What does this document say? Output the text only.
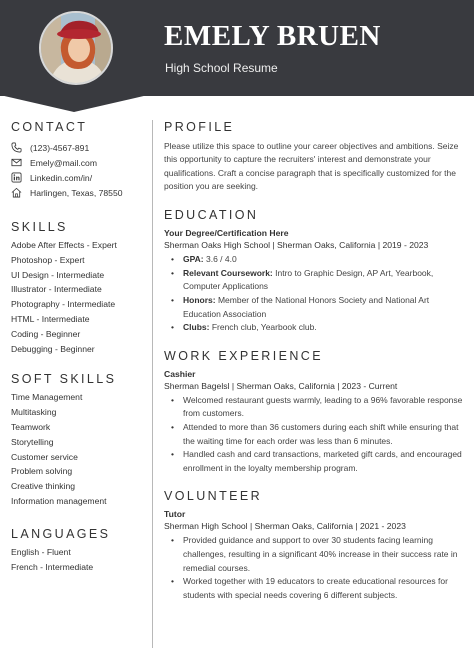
EMELY BRUEN
High School Resume
CONTACT
(123)-4567-891
Emely@mail.com
Linkedin.com/in/
Harlingen, Texas, 78550
SKILLS
Adobe After Effects - Expert
Photoshop - Expert
UI Design - Intermediate
Illustrator - Intermediate
Photography - Intermediate
HTML - Intermediate
Coding - Beginner
Debugging - Beginner
SOFT SKILLS
Time Management
Multitasking
Teamwork
Storytelling
Customer service
Problem solving
Creative thinking
Information management
LANGUAGES
English - Fluent
French - Intermediate
PROFILE
Please utilize this space to outline your career objectives and ambitions. Seize this opportunity to capture the recruiters' interest and demonstrate your qualifications. Craft a concise paragraph that is specifically customized for the position you are seeking.
EDUCATION
Your Degree/Certification Here
Sherman Oaks High School | Sherman Oaks, California | 2019 - 2023
• GPA: 3.6 / 4.0
• Relevant Coursework: Intro to Graphic Design, AP Art, Yearbook, Computer Applications
• Honors: Member of the National Honors Society and National Art Education Association
• Clubs: French club, Yearbook club.
WORK EXPERIENCE
Cashier
Sherman Bagelsl | Sherman Oaks, California | 2023 - Current
• Welcomed restaurant guests warmly, leading to a 96% favorable response from customers.
• Attended to more than 36 customers during each shift while ensuring that the waiting time for each order was less than 6 minutes.
• Handled cash and card transactions, marketed gift cards, and encouraged enrollment in the loyalty membership program.
VOLUNTEER
Tutor
Sherman High School | Sherman Oaks, California | 2021 - 2023
• Provided guidance and support to over 30 students facing learning challenges, resulting in a significant 40% increase in their success rate in remedial courses.
• Worked together with 19 educators to create educational resources for students with special needs covering 6 different subjects.
